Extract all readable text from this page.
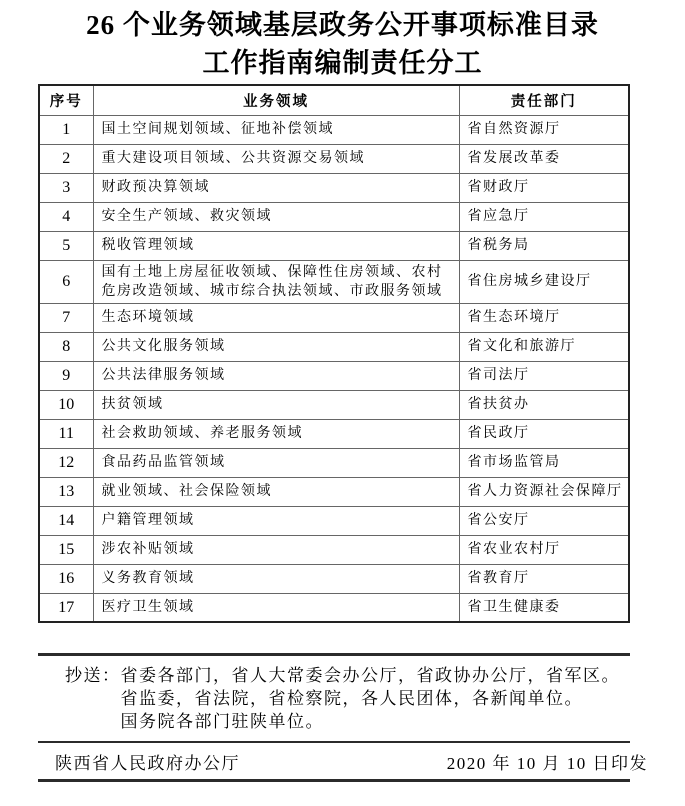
26 个业务领域基层政务公开事项标准目录
工作指南编制责任分工
序号	业务领域	责任部门
1	国土空间规划领域、征地补偿领域	省自然资源厅
2	重大建设项目领域、公共资源交易领域	省发展改革委
3	财政预决算领域	省财政厅
4	安全生产领域、救灾领域	省应急厅
5	税收管理领域	省税务局
6	国有土地上房屋征收领域、保障性住房领域、农村危房改造领域、城市综合执法领域、市政服务领域	省住房城乡建设厅
7	生态环境领域	省生态环境厅
8	公共文化服务领域	省文化和旅游厅
9	公共法律服务领域	省司法厅
10	扶贫领域	省扶贫办
11	社会救助领域、养老服务领域	省民政厅
12	食品药品监管领域	省市场监管局
13	就业领域、社会保险领域	省人力资源社会保障厅
14	户籍管理领域	省公安厅
15	涉农补贴领域	省农业农村厅
16	义务教育领域	省教育厅
17	医疗卫生领域	省卫生健康委
抄送： 省委各部门，省人大常委会办公厅，省政协办公厅，省军区。
省监委，省法院，省检察院，各人民团体，各新闻单位。
国务院各部门驻陕单位。
陕西省人民政府办公厅	2020 年 10 月 10 日印发
